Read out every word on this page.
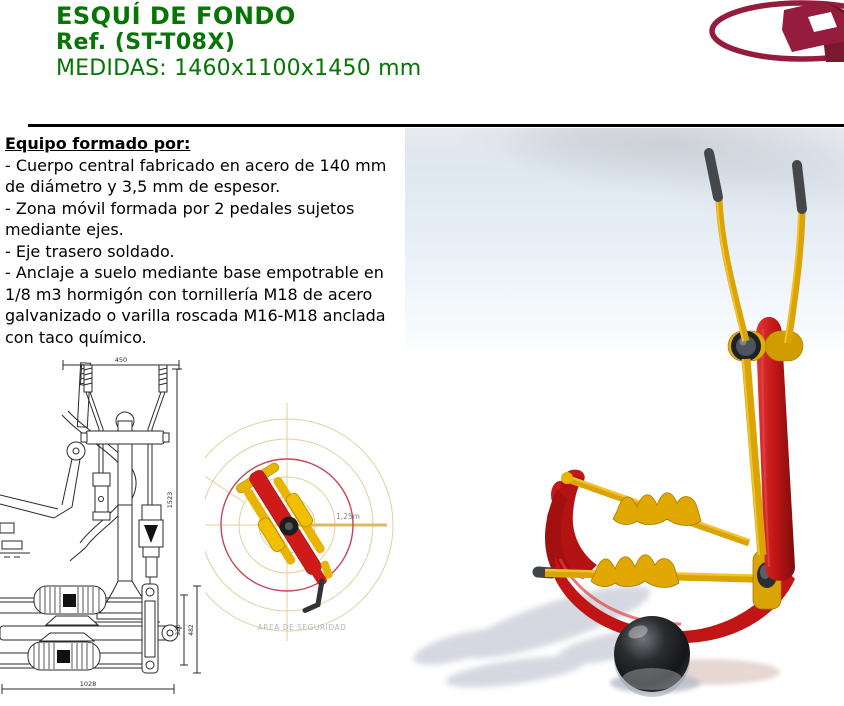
ESQUÍ DE FONDO
Ref. (ST-T08X)
MEDIDAS: 1460x1100x1450 mm

Equipo formado por:

- Cuerpo central fabricado en acero de 140 mm de diámetro y 3,5 mm de espesor.

- Zona móvil formada por 2 pedales sujetos mediante ejes.

- Eje trasero soldado.

- Anclaje a suelo mediante base empotrable en 1/8 m3 hormigón con tornillería M18 de acero galvanizado o varilla roscada M16-M18 anclada con taco químico.

450
1523
1028
326 482
1,25m
AREA DE SEGURIDAD
